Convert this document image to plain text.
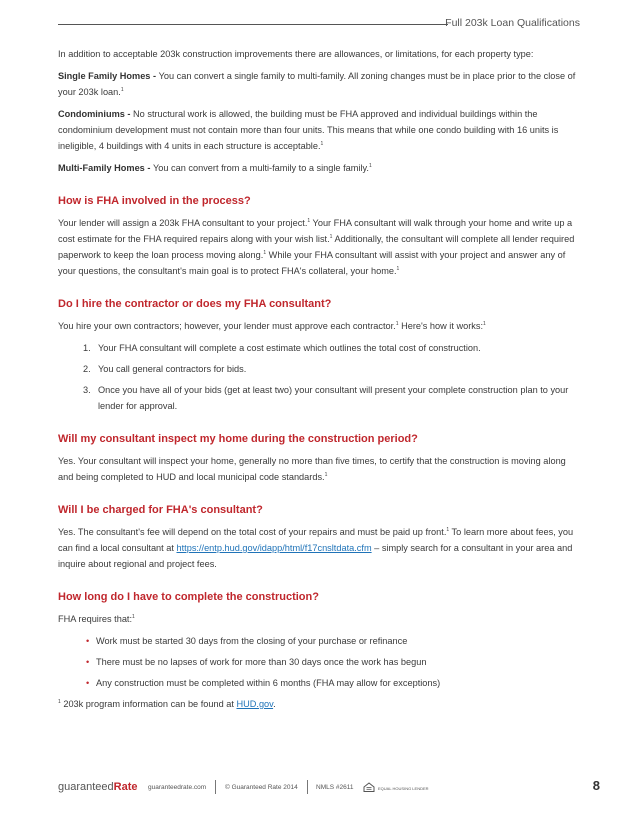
Full 203k Loan Qualifications

In addition to acceptable 203k construction improvements there are allowances, or limitations, for each property type:

Single Family Homes - You can convert a single family to multi-family. All zoning changes must be in place prior to the close of your 203k loan.$^1$

Condominiums - No structural work is allowed, the building must be FHA approved and individual buildings within the condominium development must not contain more than four units. This means that while one condo building with 16 units is ineligible, 4 buildings with 4 units in each structure is acceptable.$^1$

Multi-Family Homes - You can convert from a multi-family to a single family.$^1$

How is FHA involved in the process?

Your lender will assign a 203k FHA consultant to your project.$^1$ Your FHA consultant will walk through your home and write up a cost estimate for the FHA required repairs along with your wish list.$^1$ Additionally, the consultant will complete all lender required paperwork to keep the loan process moving along.$^1$ While your FHA consultant will assist with your project and answer any of your questions, the consultant's main goal is to protect FHA's collateral, your home.$^1$

Do I hire the contractor or does my FHA consultant?

You hire your own contractors; however, your lender must approve each contractor.$^1$ Here's how it works:$^1$

1. Your FHA consultant will complete a cost estimate which outlines the total cost of construction.
2. You call general contractors for bids.
3. Once you have all of your bids (get at least two) your consultant will present your complete construction plan to your lender for approval.
Will my consultant inspect my home during the construction period?

Yes. Your consultant will inspect your home, generally no more than five times, to certify that the construction is moving along and being completed to HUD and local municipal code standards.$^1$

Will I be charged for FHA's consultant?

Yes. The consultant's fee will depend on the total cost of your repairs and must be paid up front.$^1$ To learn more about fees, you can find a local consultant at https://entp.hud.gov/idapp/html/f17cnsltdata.cfm – simply search for a consultant in your area and inquire about regional and project fees.

How long do I have to complete the construction?

FHA requires that:$^1$

• Work must be started 30 days from the closing of your purchase or refinance
• There must be no lapses of work for more than 30 days once the work has begun
• Any construction must be completed within 6 months (FHA may allow for exceptions)

$^1$ 203k program information can be found at HUD.gov.

guaranteedRate guaranteedrate.com	© Guaranteed Rate 2014	NMLS #2611	EQUAL HOUSING LENDER	8
